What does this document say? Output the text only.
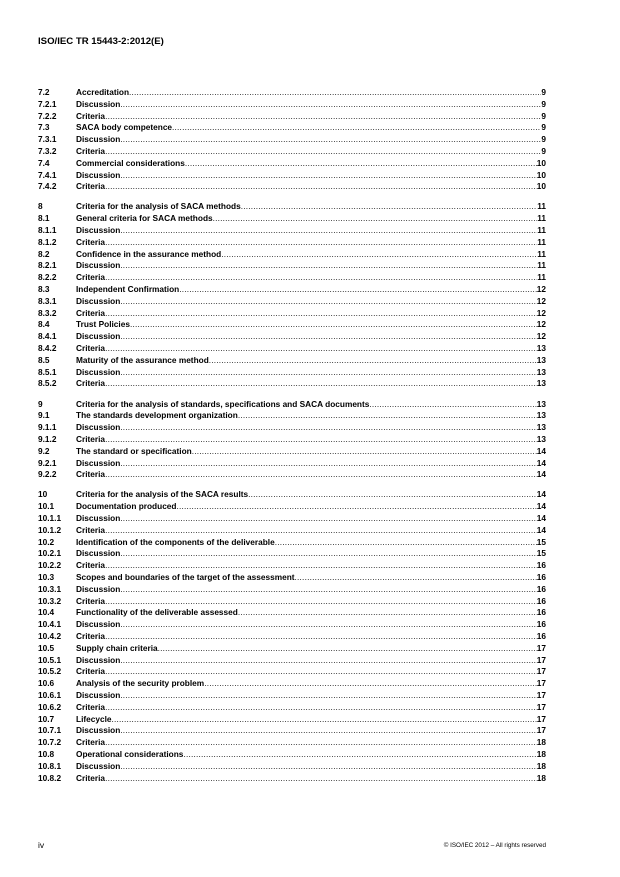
ISO/IEC TR 15443-2:2012(E)
7.2	Accreditation .....	9
7.2.1	Discussion .....	9
7.2.2	Criteria .....	9
7.3	SACA body competence .....	9
7.3.1	Discussion .....	9
7.3.2	Criteria .....	9
7.4	Commercial considerations .....	10
7.4.1	Discussion .....	10
7.4.2	Criteria .....	10
8	Criteria for the analysis of SACA methods .....	11
8.1	General criteria for SACA methods .....	11
8.1.1	Discussion .....	11
8.1.2	Criteria .....	11
8.2	Confidence in the assurance method .....	11
8.2.1	Discussion .....	11
8.2.2	Criteria .....	11
8.3	Independent Confirmation .....	12
8.3.1	Discussion .....	12
8.3.2	Criteria .....	12
8.4	Trust Policies .....	12
8.4.1	Discussion .....	12
8.4.2	Criteria .....	13
8.5	Maturity of the assurance method .....	13
8.5.1	Discussion .....	13
8.5.2	Criteria .....	13
9	Criteria for the analysis of standards, specifications and SACA documents .....	13
9.1	The standards development organization .....	13
9.1.1	Discussion .....	13
9.1.2	Criteria .....	13
9.2	The standard or specification .....	14
9.2.1	Discussion .....	14
9.2.2	Criteria .....	14
10	Criteria for the analysis of the SACA results .....	14
10.1	Documentation produced .....	14
10.1.1	Discussion .....	14
10.1.2	Criteria .....	14
10.2	Identification of the components of the deliverable .....	15
10.2.1	Discussion .....	15
10.2.2	Criteria .....	16
10.3	Scopes and boundaries of the target of the assessment .....	16
10.3.1	Discussion .....	16
10.3.2	Criteria .....	16
10.4	Functionality of the deliverable assessed .....	16
10.4.1	Discussion .....	16
10.4.2	Criteria .....	16
10.5	Supply chain criteria .....	17
10.5.1	Discussion .....	17
10.5.2	Criteria .....	17
10.6	Analysis of the security problem .....	17
10.6.1	Discussion .....	17
10.6.2	Criteria .....	17
10.7	Lifecycle .....	17
10.7.1	Discussion .....	17
10.7.2	Criteria .....	18
10.8	Operational considerations .....	18
10.8.1	Discussion .....	18
10.8.2	Criteria .....	18
iv	© ISO/IEC 2012 – All rights reserved
